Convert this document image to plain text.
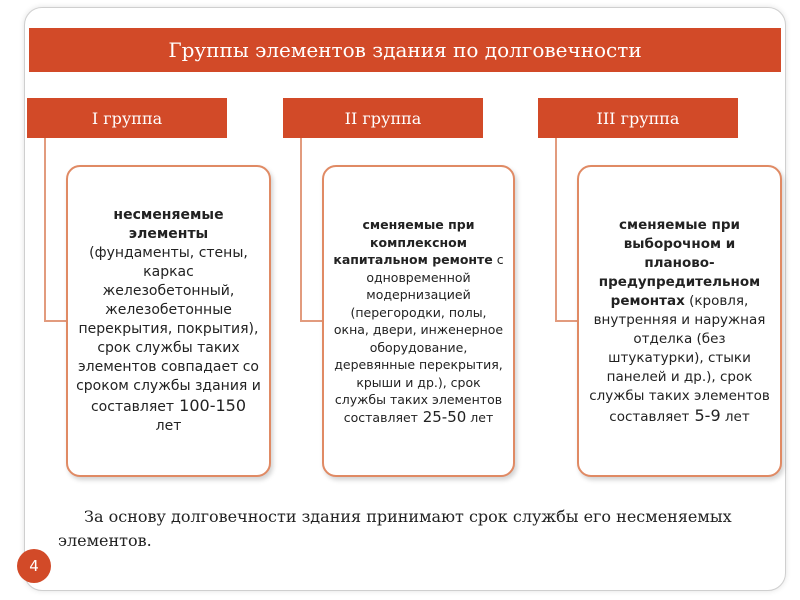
Группы элементов здания по долговечности
I группа
несменяемые элементы (фундаменты, стены, каркас железобетонный, железобетонные перекрытия, покрытия), срок службы таких элементов совпадает со сроком службы здания и составляет 100-150 лет
II группа
сменяемые при комплексном капитальном ремонте с одновременной модернизацией (перегородки, полы, окна, двери, инженерное оборудование, деревянные перекрытия, крыши и др.), срок службы таких элементов составляет 25-50 лет
III группа
сменяемые при выборочном и планово-предупредительном ремонтах (кровля, внутренняя и наружная отделка (без штукатурки), стыки панелей и др.), срок службы таких элементов составляет 5-9 лет
За основу долговечности здания принимают срок службы его несменяемых элементов.
4
